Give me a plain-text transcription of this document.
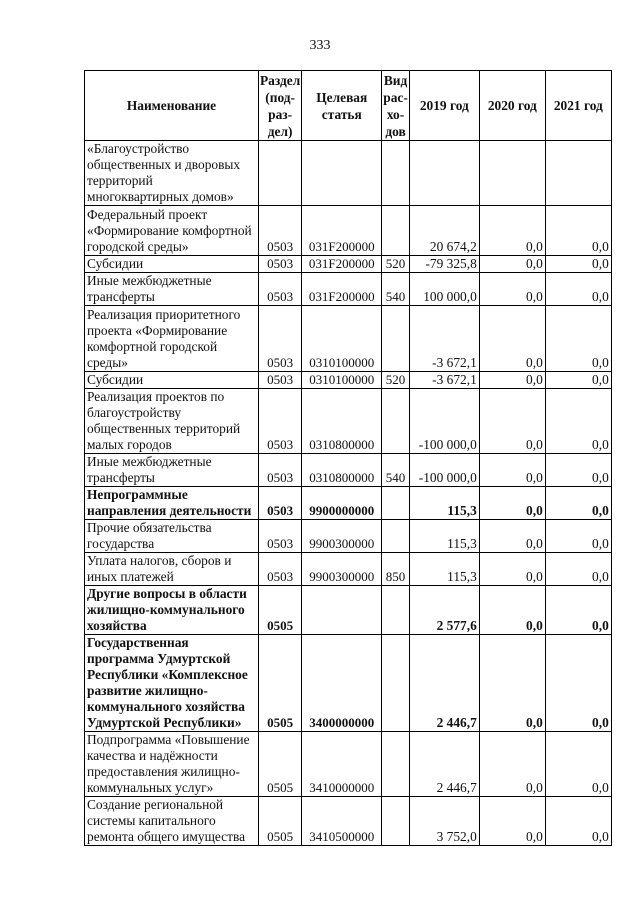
333
Наименование	Раздел (под-раз-дел)	Целевая статья	Вид рас-хо-дов	2019 год	2020 год	2021 год
«Благоустройство общественных и дворовых территорий многоквартирных домов»						
Федеральный проект «Формирование комфортной городской среды»	0503	031F200000		20 674,2	0,0	0,0
Субсидии	0503	031F200000	520	-79 325,8	0,0	0,0
Иные межбюджетные трансферты	0503	031F200000	540	100 000,0	0,0	0,0
Реализация приоритетного проекта «Формирование комфортной городской среды»	0503	0310100000		-3 672,1	0,0	0,0
Субсидии	0503	0310100000	520	-3 672,1	0,0	0,0
Реализация проектов по благоустройству общественных территорий малых городов	0503	0310800000		-100 000,0	0,0	0,0
Иные межбюджетные трансферты	0503	0310800000	540	-100 000,0	0,0	0,0
Непрограммные направления деятельности	0503	9900000000		115,3	0,0	0,0
Прочие обязательства государства	0503	9900300000		115,3	0,0	0,0
Уплата налогов, сборов и иных платежей	0503	9900300000	850	115,3	0,0	0,0
Другие вопросы в области жилищно-коммунального хозяйства	0505			2 577,6	0,0	0,0
Государственная программа Удмуртской Республики «Комплексное развитие жилищно-коммунального хозяйства Удмуртской Республики»	0505	3400000000		2 446,7	0,0	0,0
Подпрограмма «Повышение качества и надёжности предоставления жилищно-коммунальных услуг»	0505	3410000000		2 446,7	0,0	0,0
Создание региональной системы капитального ремонта общего имущества	0505	3410500000		3 752,0	0,0	0,0
